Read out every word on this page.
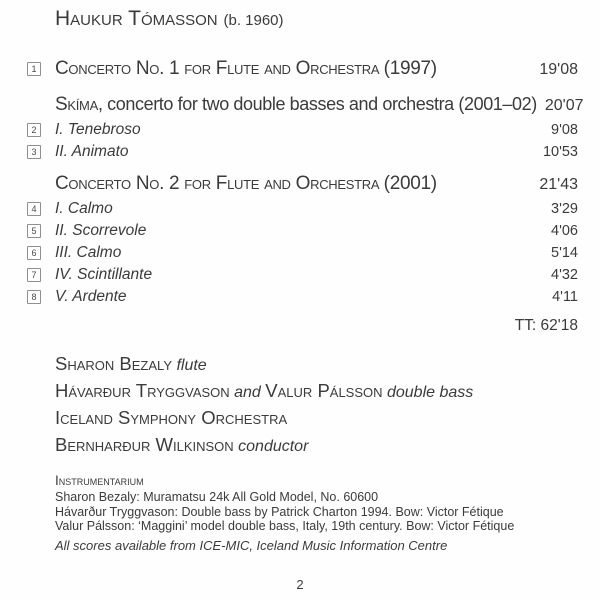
Haukur Tómasson (b. 1960)
1 Concerto No. 1 for Flute and Orchestra (1997)	19'08
Skíma, concerto for two double basses and orchestra (2001–02) 20'07
2 I. Tenebroso	9'08
3 II. Animato	10'53
Concerto No. 2 for Flute and Orchestra (2001)	21'43
4 I. Calmo	3'29
5 II. Scorrevole	4'06
6 III. Calmo	5'14
7 IV. Scintillante	4'32
8 V. Ardente	4'11
TT: 62'18
Sharon Bezaly flute
Hávarður Tryggvason and Valur Pálsson double bass
Iceland Symphony Orchestra
Bernharður Wilkinson conductor
Instrumentarium
Sharon Bezaly: Muramatsu 24k All Gold Model, No. 60600
Hávarður Tryggvason: Double bass by Patrick Charton 1994. Bow: Victor Fétique
Valur Pálsson: ‘Maggini’ model double bass, Italy, 19th century. Bow: Victor Fétique
All scores available from ICE-MIC, Iceland Music Information Centre
2
